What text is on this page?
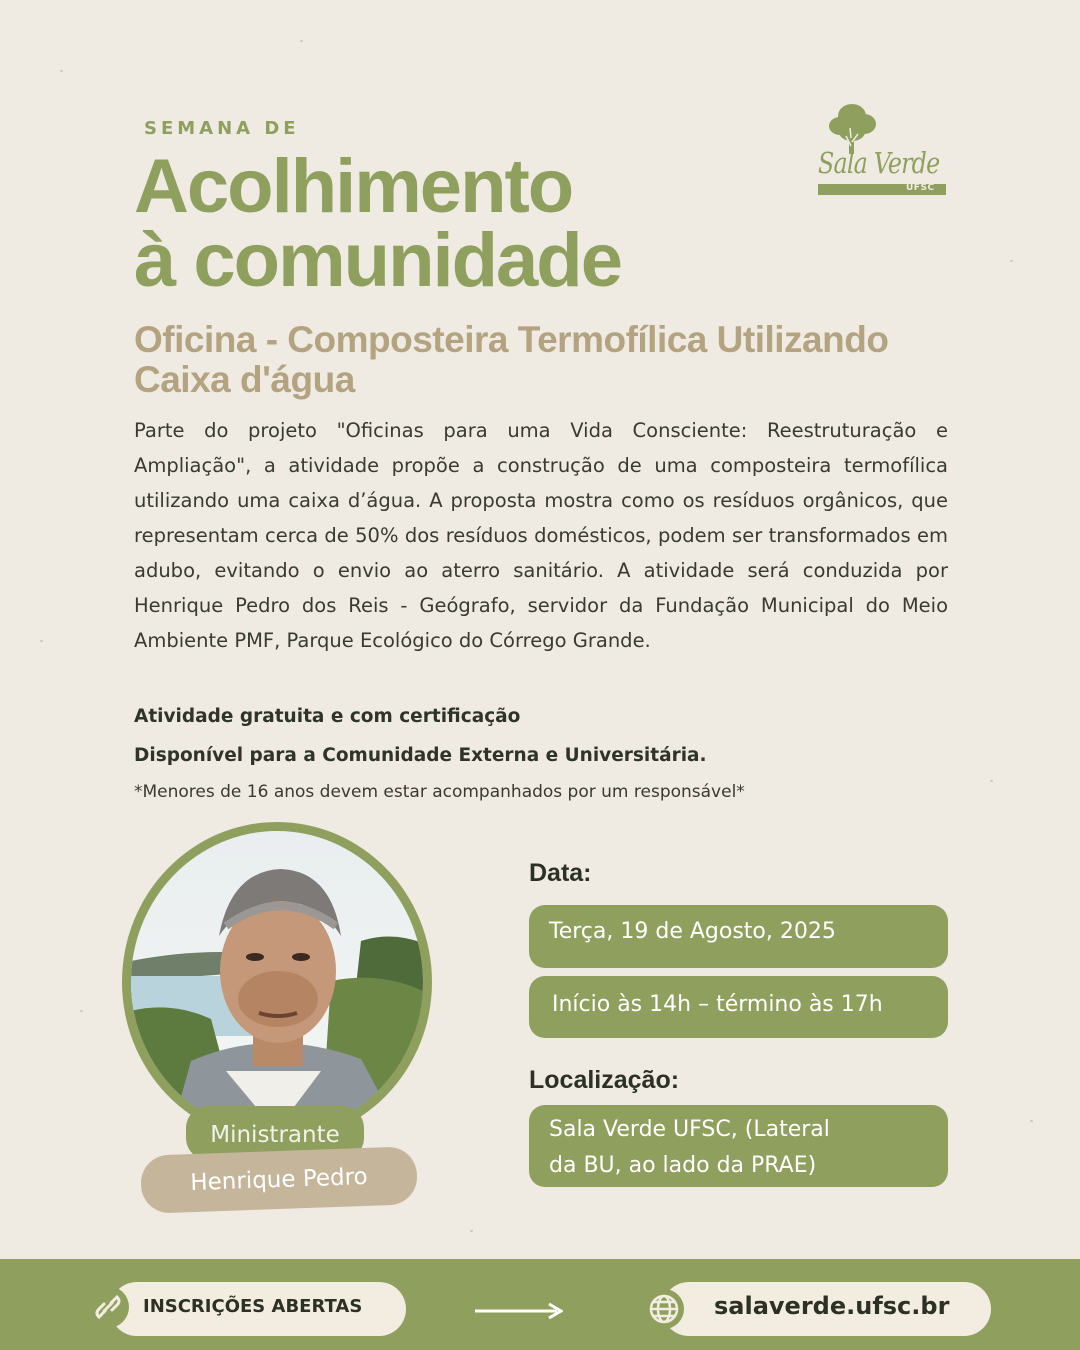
SEMANA DE
Acolhimento
à comunidade
Sala Verde
UFSC
Oficina - Composteira Termofílica Utilizando Caixa d'água
Parte do projeto "Oficinas para uma Vida Consciente: Reestruturação e Ampliação", a atividade propõe a construção de uma composteira termofílica utilizando uma caixa d’água. A proposta mostra como os resíduos orgânicos, que representam cerca de 50% dos resíduos domésticos, podem ser transformados em adubo, evitando o envio ao aterro sanitário. A atividade será conduzida por Henrique Pedro dos Reis - Geógrafo, servidor da Fundação Municipal do Meio Ambiente PMF, Parque Ecológico do Córrego Grande.
Atividade gratuita e com certificação
Disponível para a Comunidade Externa e Universitária.
*Menores de 16 anos devem estar acompanhados por um responsável*
Ministrante
Henrique Pedro
Data:
Terça, 19 de Agosto, 2025
Início às 14h – término às 17h
Localização:
Sala Verde UFSC, (Lateral
da BU, ao lado da PRAE)
INSCRIÇÕES ABERTAS	salaverde.ufsc.br
